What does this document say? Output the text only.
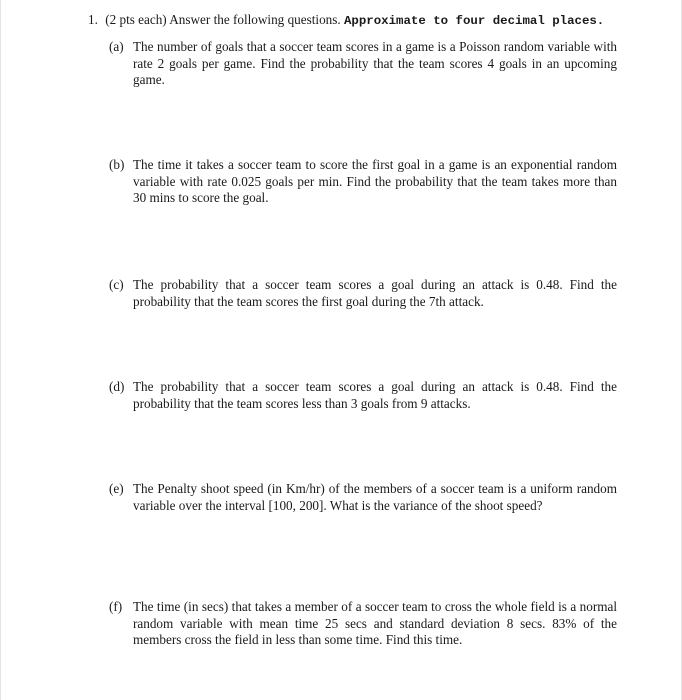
1. (2 pts each) Answer the following questions. Approximate to four decimal places.
(a) The number of goals that a soccer team scores in a game is a Poisson random variable with rate 2 goals per game. Find the probability that the team scores 4 goals in an upcoming game.
(b) The time it takes a soccer team to score the first goal in a game is an exponential random variable with rate 0.025 goals per min. Find the probability that the team takes more than 30 mins to score the goal.
(c) The probability that a soccer team scores a goal during an attack is 0.48. Find the probability that the team scores the first goal during the 7th attack.
(d) The probability that a soccer team scores a goal during an attack is 0.48. Find the probability that the team scores less than 3 goals from 9 attacks.
(e) The Penalty shoot speed (in Km/hr) of the members of a soccer team is a uniform random variable over the interval [100, 200]. What is the variance of the shoot speed?
(f) The time (in secs) that takes a member of a soccer team to cross the whole field is a normal random variable with mean time 25 secs and standard deviation 8 secs. 83% of the members cross the field in less than some time. Find this time.
